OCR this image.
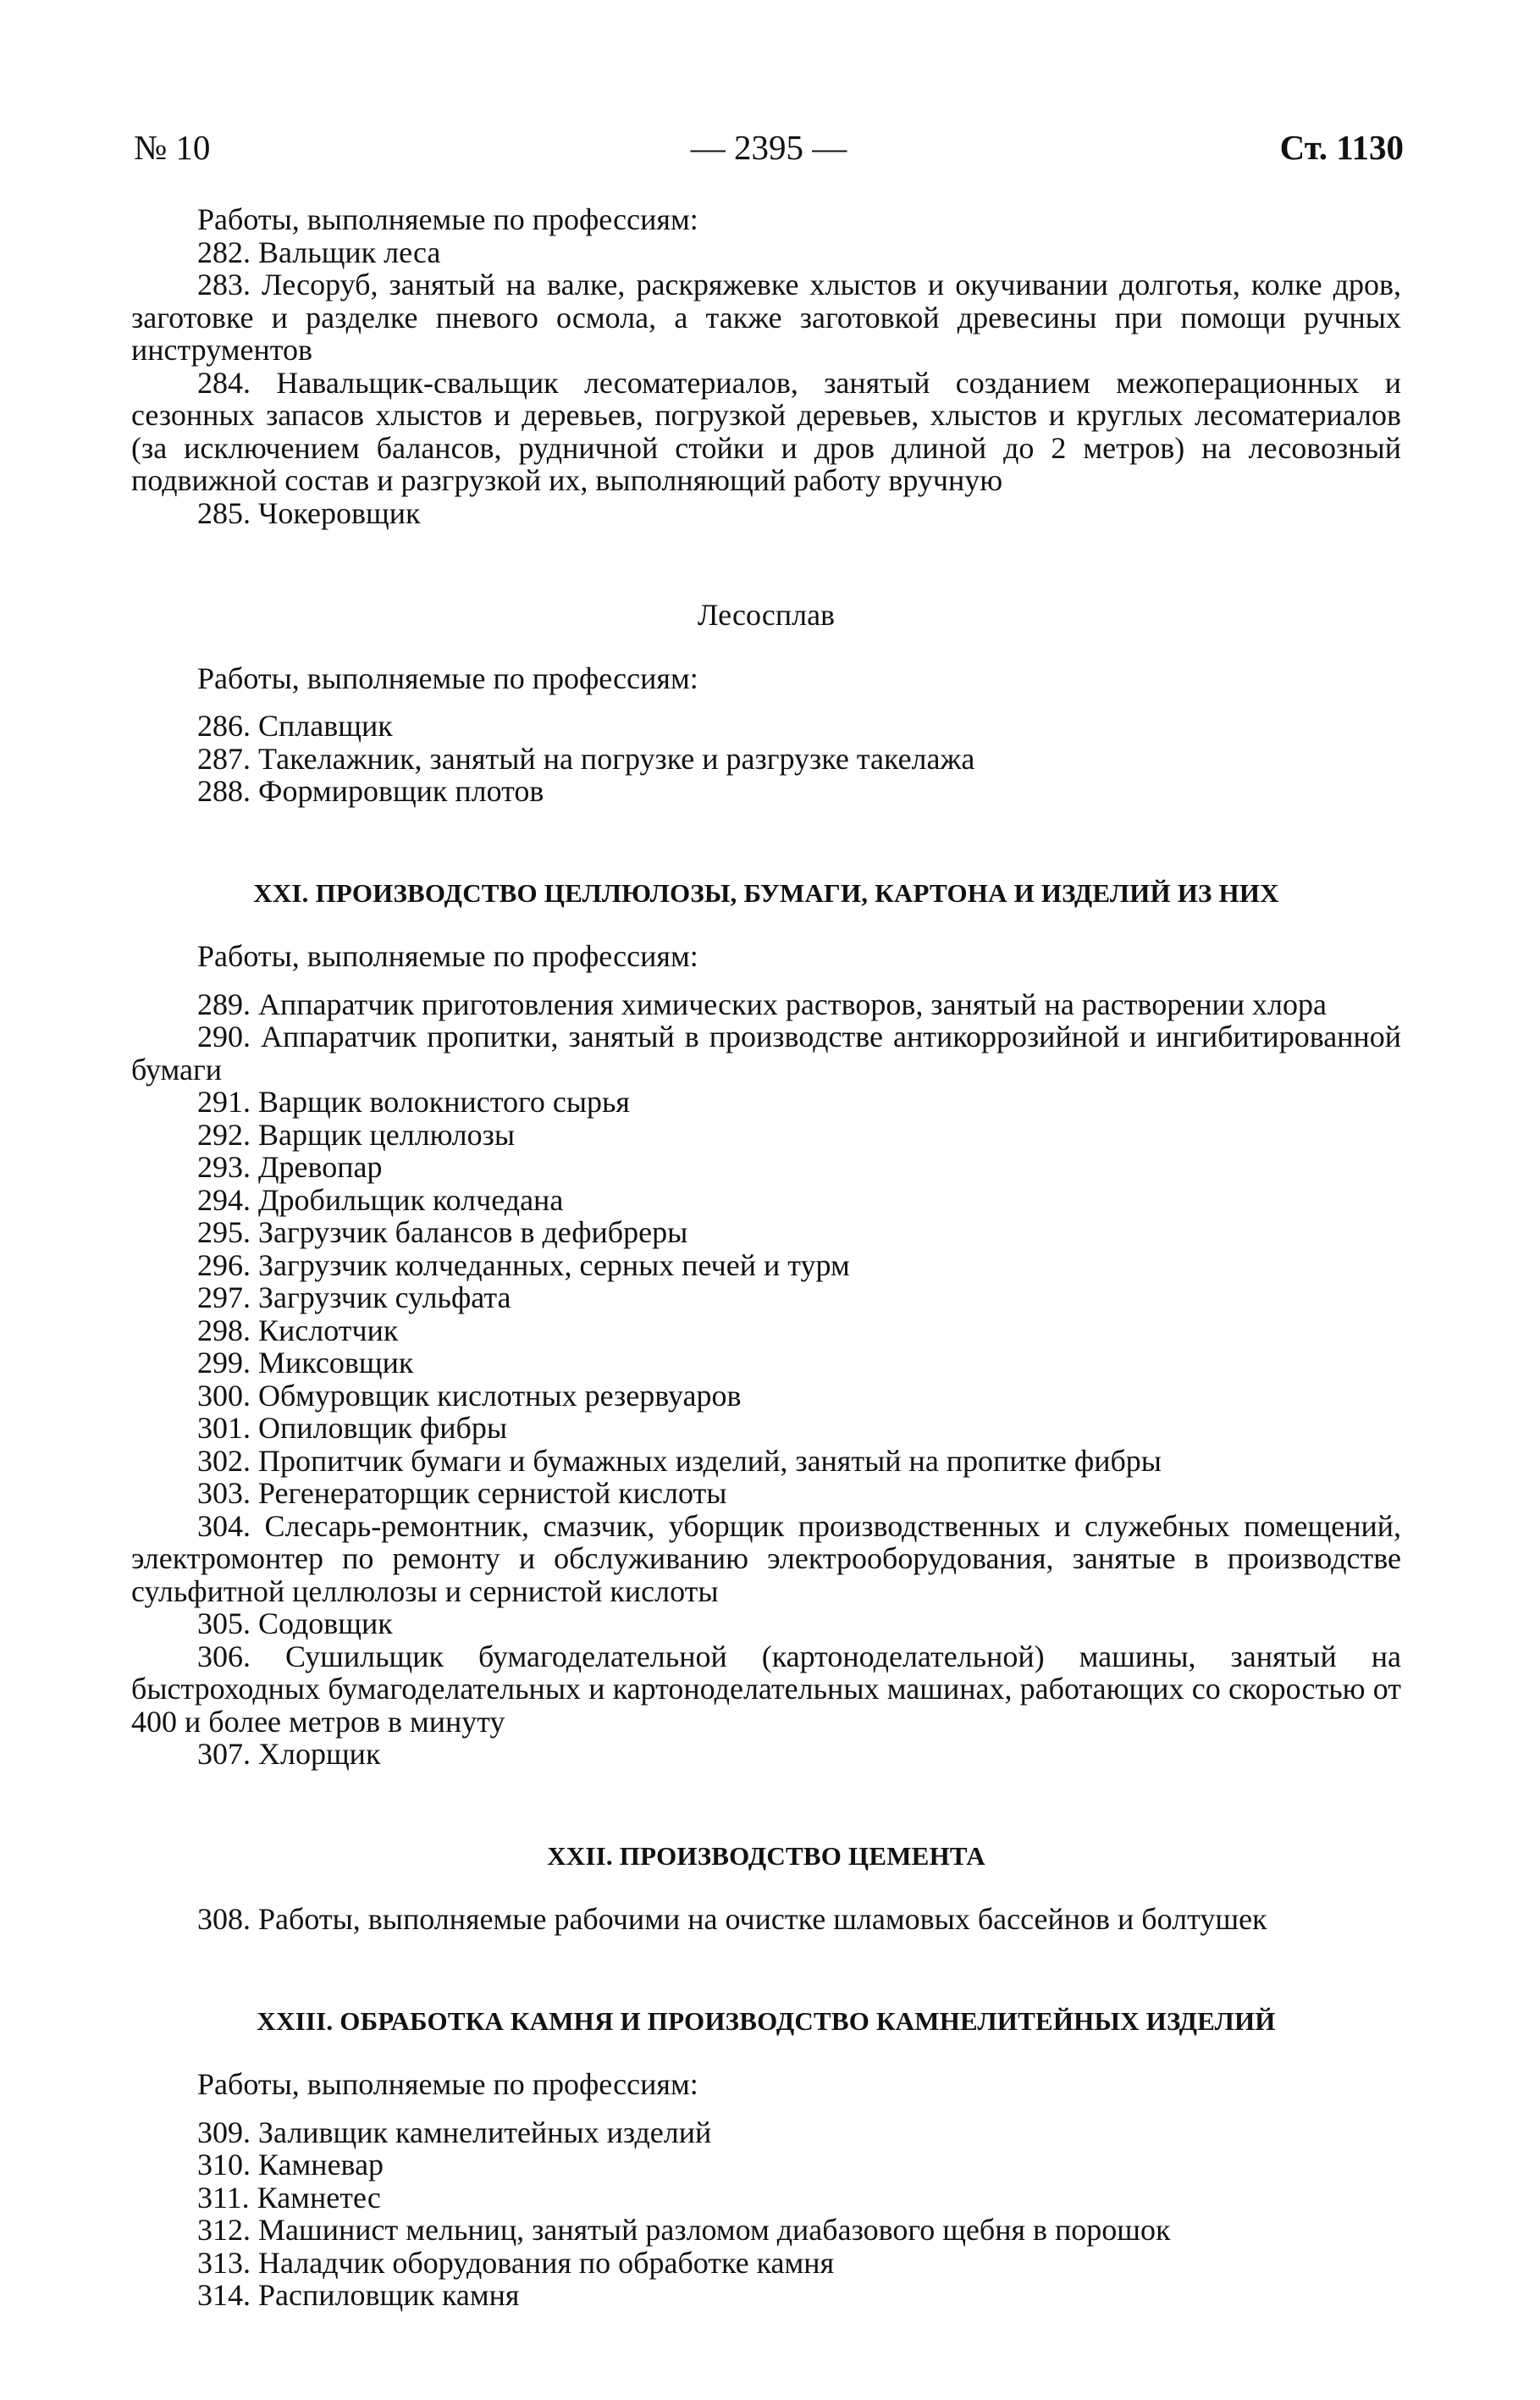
№ 10	— 2395 —	Ст. 1130

Работы, выполняемые по профессиям:

282. Вальщик леса

283. Лесоруб, занятый на валке, раскряжевке хлыстов и окучивании долготья, колке дров, заготовке и разделке пневого осмола, а также заготовкой древесины при помощи ручных инструментов

284. Навальщик-свальщик лесоматериалов, занятый созданием межоперационных и сезонных запасов хлыстов и деревьев, погрузкой деревьев, хлыстов и круглых лесоматериалов (за исключением балансов, рудничной стойки и дров длиной до 2 метров) на лесовозный подвижной состав и разгрузкой их, выполняющий работу вручную

285. Чокеровщик

Лесосплав

Работы, выполняемые по профессиям:

286. Сплавщик

287. Такелажник, занятый на погрузке и разгрузке такелажа

288. Формировщик плотов

XXI. ПРОИЗВОДСТВО ЦЕЛЛЮЛОЗЫ, БУМАГИ, КАРТОНА И ИЗДЕЛИЙ ИЗ НИХ

Работы, выполняемые по профессиям:

289. Аппаратчик приготовления химических растворов, занятый на растворении хлора

290. Аппаратчик пропитки, занятый в производстве антикоррозийной и ингибитированной бумаги

291. Варщик волокнистого сырья

292. Варщик целлюлозы

293. Древопар

294. Дробильщик колчедана

295. Загрузчик балансов в дефибреры

296. Загрузчик колчеданных, серных печей и турм

297. Загрузчик сульфата

298. Кислотчик

299. Миксовщик

300. Обмуровщик кислотных резервуаров

301. Опиловщик фибры

302. Пропитчик бумаги и бумажных изделий, занятый на пропитке фибры

303. Регенераторщик сернистой кислоты

304. Слесарь-ремонтник, смазчик, уборщик производственных и служебных помещений, электромонтер по ремонту и обслуживанию электрооборудования, занятые в производстве сульфитной целлюлозы и сернистой кислоты

305. Содовщик

306. Сушильщик бумагоделательной (картоноделательной) машины, занятый на быстроходных бумагоделательных и картоноделательных машинах, работающих со скоростью от 400 и более метров в минуту

307. Хлорщик

XXII. ПРОИЗВОДСТВО ЦЕМЕНТА

308. Работы, выполняемые рабочими на очистке шламовых бассейнов и болтушек

XXIII. ОБРАБОТКА КАМНЯ И ПРОИЗВОДСТВО КАМНЕЛИТЕЙНЫХ ИЗДЕЛИЙ

Работы, выполняемые по профессиям:

309. Заливщик камнелитейных изделий

310. Камневар

311. Камнетес

312. Машинист мельниц, занятый разломом диабазового щебня в порошок

313. Наладчик оборудования по обработке камня

314. Распиловщик камня
